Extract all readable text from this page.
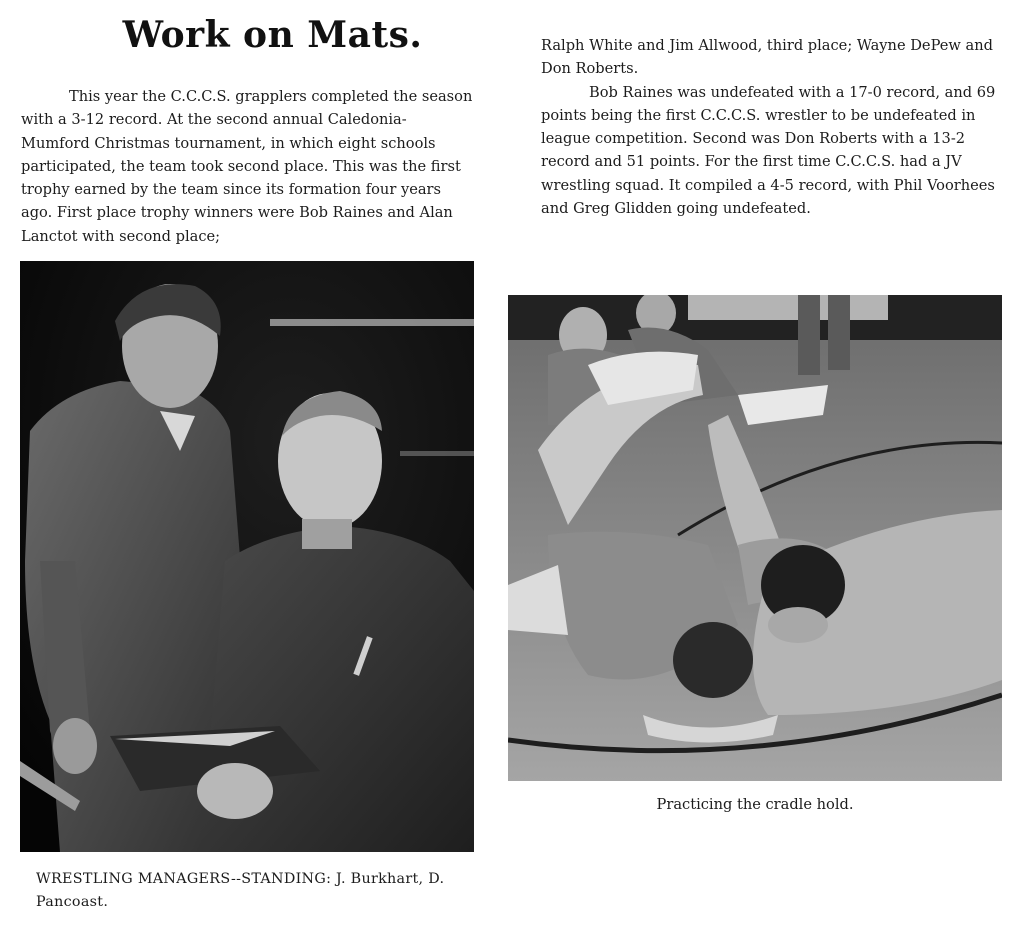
Work on Mats.

This year the C.C.C.S. grapplers completed the season with a 3-12 record. At the second annual Caledonia-Mumford Christmas tournament, in which eight schools participated, the team took second place. This was the first trophy earned by the team since its formation four years ago. First place trophy winners were Bob Raines and Alan Lanctot with second place;

Ralph White and Jim Allwood, third place; Wayne DePew and Don Roberts.

Bob Raines was undefeated with a 17-0 record, and 69 points being the first C.C.C.S. wrestler to be undefeated in league competition. Second was Don Roberts with a 13-2 record and 51 points. For the first time C.C.C.S. had a JV wrestling squad. It compiled a 4-5 record, with Phil Voorhees and Greg Glidden going undefeated.

WRESTLING MANAGERS--STANDING: J. Burkhart, D. Pancoast.
Practicing the cradle hold.
